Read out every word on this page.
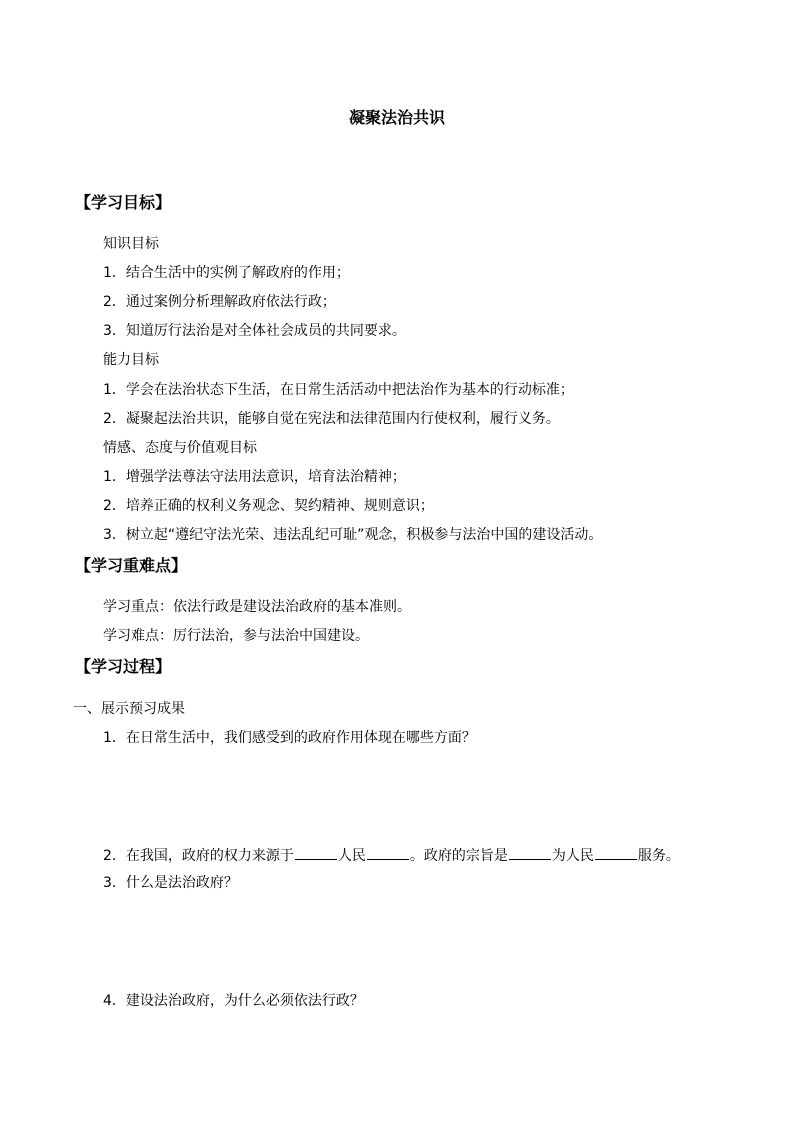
凝聚法治共识
【学习目标】
知识目标
1．结合生活中的实例了解政府的作用；
2．通过案例分析理解政府依法行政；
3．知道厉行法治是对全体社会成员的共同要求。
能力目标
1．学会在法治状态下生活，在日常生活活动中把法治作为基本的行动标准；
2．凝聚起法治共识，能够自觉在宪法和法律范围内行使权利，履行义务。
情感、态度与价值观目标
1．增强学法尊法守法用法意识，培育法治精神；
2．培养正确的权利义务观念、契约精神、规则意识；
3．树立起“遵纪守法光荣、违法乱纪可耻”观念，积极参与法治中国的建设活动。
【学习重难点】
学习重点：依法行政是建设法治政府的基本准则。
学习难点：厉行法治，参与法治中国建设。
【学习过程】
一、展示预习成果
1．在日常生活中，我们感受到的政府作用体现在哪些方面？
2．在我国，政府的权力来源于	人民	。政府的宗旨是	为人民	服务。
3．什么是法治政府？
4．建设法治政府，为什么必须依法行政？
